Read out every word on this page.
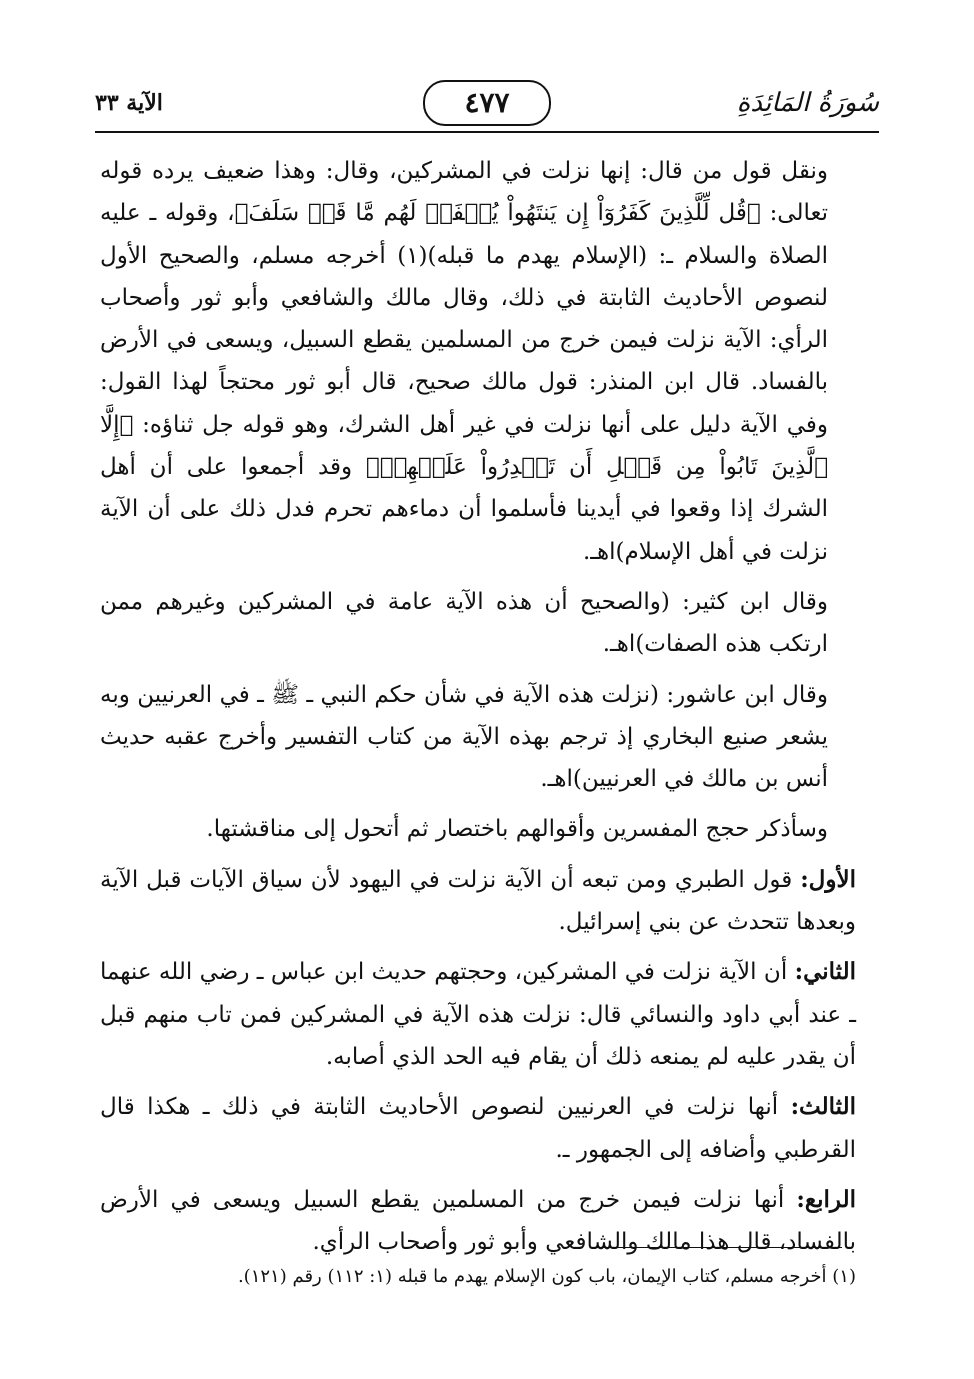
سُورَةُ المَائِدَةِ
٤٧٧
الآية ٣٣

ونقل قول من قال: إنها نزلت في المشركين، وقال: وهذا ضعيف يرده قوله تعالى: ﴿قُل لِّلَّذِينَ كَفَرُوٓاْ إِن يَنتَهُواْ يُغۡفَرۡ لَهُم مَّا قَدۡ سَلَفَ﴾، وقوله ـ عليه الصلاة والسلام ـ: (الإسلام يهدم ما قبله)(١) أخرجه مسلم، والصحيح الأول لنصوص الأحاديث الثابتة في ذلك، وقال مالك والشافعي وأبو ثور وأصحاب الرأي: الآية نزلت فيمن خرج من المسلمين يقطع السبيل، ويسعى في الأرض بالفساد. قال ابن المنذر: قول مالك صحيح، قال أبو ثور محتجاً لهذا القول: وفي الآية دليل على أنها نزلت في غير أهل الشرك، وهو قوله جل ثناؤه: ﴿إِلَّا ٱلَّذِينَ تَابُواْ مِن قَبۡلِ أَن تَقۡدِرُواْ عَلَيۡهِمۡ﴾ وقد أجمعوا على أن أهل الشرك إذا وقعوا في أيدينا فأسلموا أن دماءهم تحرم فدل ذلك على أن الآية نزلت في أهل الإسلام)اهـ.

وقال ابن كثير: (والصحيح أن هذه الآية عامة في المشركين وغيرهم ممن ارتكب هذه الصفات)اهـ.

وقال ابن عاشور: (نزلت هذه الآية في شأن حكم النبي ـ ﷺ ـ في العرنيين وبه يشعر صنيع البخاري إذ ترجم بهذه الآية من كتاب التفسير وأخرج عقبه حديث أنس بن مالك في العرنيين)اهـ.

وسأذكر حجج المفسرين وأقوالهم باختصار ثم أتحول إلى مناقشتها.

الأول: قول الطبري ومن تبعه أن الآية نزلت في اليهود لأن سياق الآيات قبل الآية وبعدها تتحدث عن بني إسرائيل.

الثاني: أن الآية نزلت في المشركين، وحجتهم حديث ابن عباس ـ رضي الله عنهما ـ عند أبي داود والنسائي قال: نزلت هذه الآية في المشركين فمن تاب منهم قبل أن يقدر عليه لم يمنعه ذلك أن يقام فيه الحد الذي أصابه.

الثالث: أنها نزلت في العرنيين لنصوص الأحاديث الثابتة في ذلك ـ هكذا قال القرطبي وأضافه إلى الجمهور ـ.

الرابع: أنها نزلت فيمن خرج من المسلمين يقطع السبيل ويسعى في الأرض بالفساد، قال هذا مالك والشافعي وأبو ثور وأصحاب الرأي.

(١) أخرجه مسلم، كتاب الإيمان، باب كون الإسلام يهدم ما قبله (١: ١١٢) رقم (١٢١).
